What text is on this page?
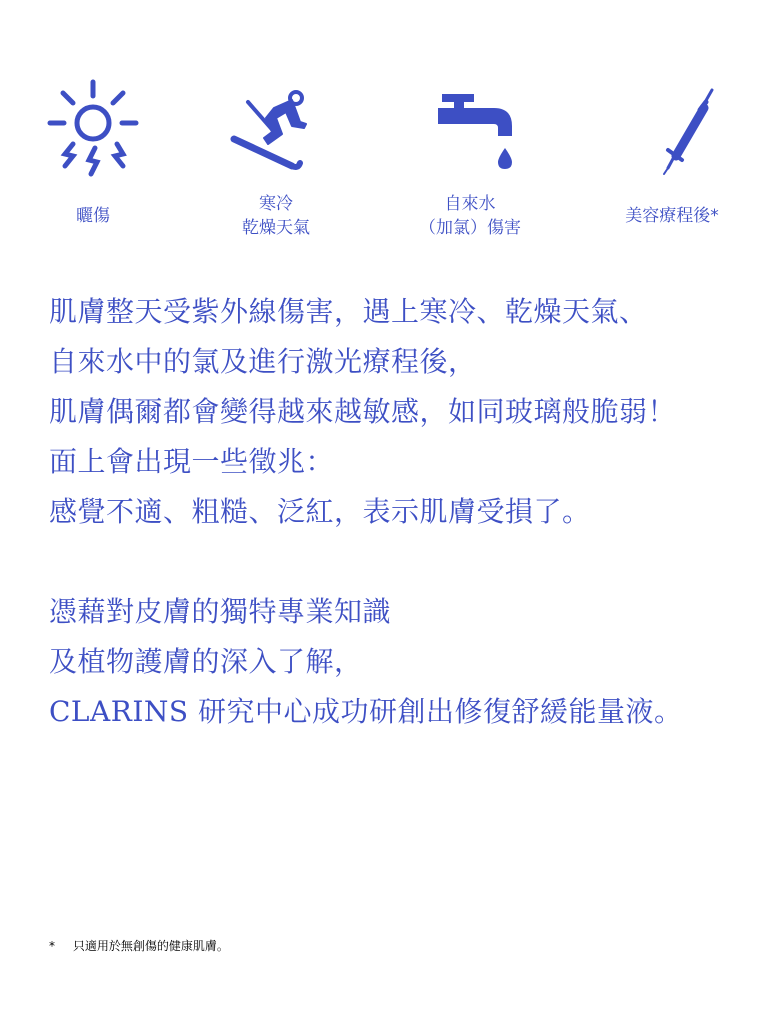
曬傷
寒冷
乾燥天氣
自來水
（加氯）傷害
美容療程後*
肌膚整天受紫外線傷害，遇上寒冷、乾燥天氣、
自來水中的氯及進行激光療程後，
肌膚偶爾都會變得越來越敏感，如同玻璃般脆弱！
面上會出現一些徵兆：
感覺不適、粗糙、泛紅，表示肌膚受損了。
憑藉對皮膚的獨特專業知識
及植物護膚的深入了解，
CLARINS 研究中心成功研創出修復舒緩能量液。
* 只適用於無創傷的健康肌膚。
